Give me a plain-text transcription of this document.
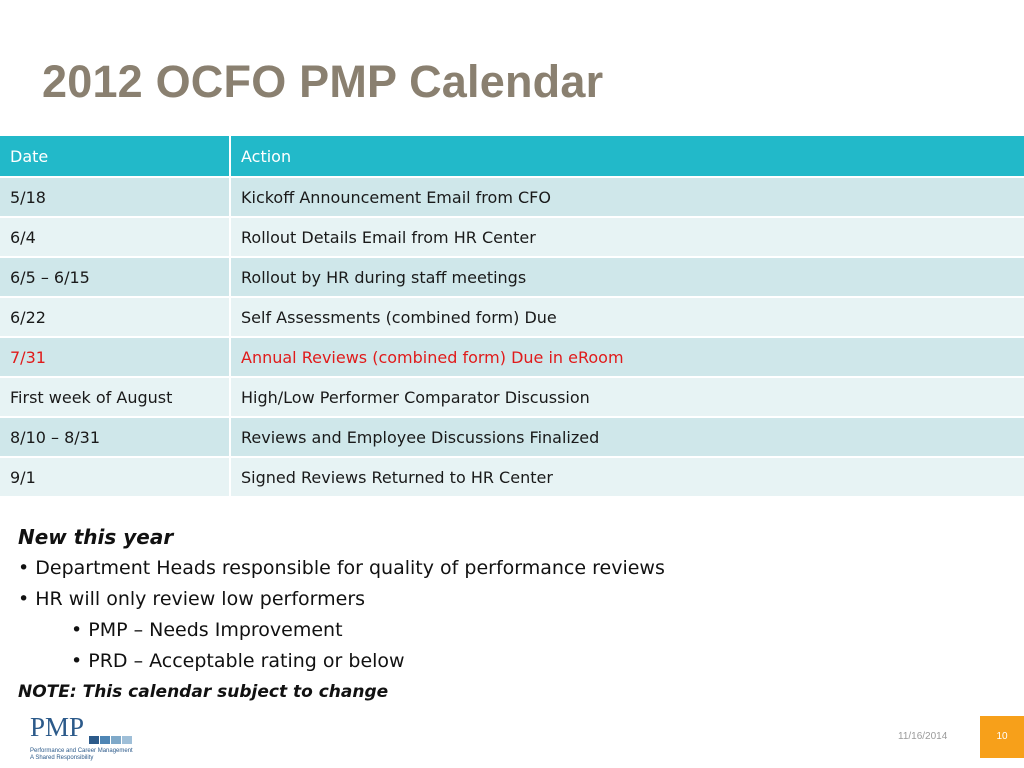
2012 OCFO PMP Calendar
Date	Action
5/18	Kickoff Announcement Email from CFO
6/4	Rollout Details Email from HR Center
6/5 – 6/15	Rollout by HR during staff meetings
6/22	Self Assessments (combined form) Due
7/31	Annual Reviews (combined form) Due in eRoom
First week of August	High/Low Performer Comparator Discussion
8/10 – 8/31	Reviews and Employee Discussions Finalized
9/1	Signed Reviews Returned to HR Center
New this year
• Department Heads responsible for quality of performance reviews
• HR will only review low performers
• PMP – Needs Improvement
• PRD – Acceptable rating or below
NOTE: This calendar subject to change
PMP
Performance and Career Management
A Shared Responsibility
11/16/2014	10
